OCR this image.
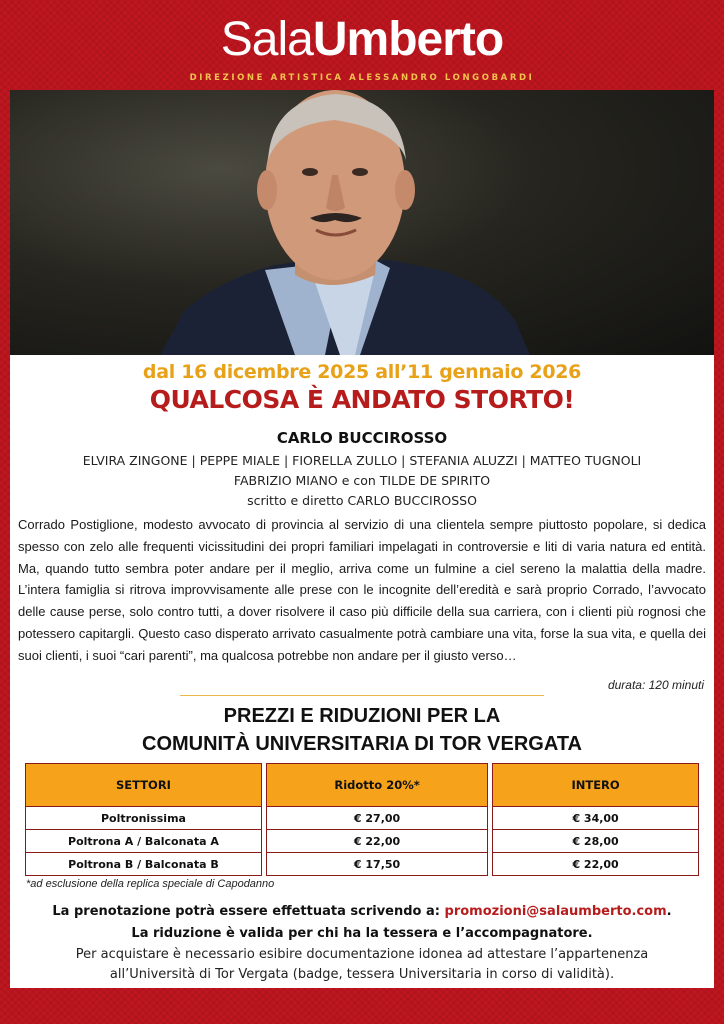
SalaUmberto
DIREZIONE ARTISTICA ALESSANDRO LONGOBARDI
dal 16 dicembre 2025 all’11 gennaio 2026
QUALCOSA È ANDATO STORTO!
CARLO BUCCIROSSO
ELVIRA ZINGONE | PEPPE MIALE | FIORELLA ZULLO | STEFANIA ALUZZI | MATTEO TUGNOLI
FABRIZIO MIANO e con TILDE DE SPIRITO
scritto e diretto CARLO BUCCIROSSO
Corrado Postiglione, modesto avvocato di provincia al servizio di una clientela sempre piuttosto popolare, si dedica spesso con zelo alle frequenti vicissitudini dei propri familiari impelagati in controversie e liti di varia natura ed entità. Ma, quando tutto sembra poter andare per il meglio, arriva come un fulmine a ciel sereno la malattia della madre. L’intera famiglia si ritrova improvvisamente alle prese con le incognite dell’eredità e sarà proprio Corrado, l’avvocato delle cause perse, solo contro tutti, a dover risolvere il caso più difficile della sua carriera, con i clienti più rognosi che potessero capitargli. Questo caso disperato arrivato casualmente potrà cambiare una vita, forse la sua vita, e quella dei suoi clienti, i suoi “cari parenti”, ma qualcosa potrebbe non andare per il giusto verso…
durata: 120 minuti
PREZZI E RIDUZIONI PER LA
COMUNITÀ UNIVERSITARIA DI TOR VERGATA
SETTORI		Ridotto 20%*		INTERO
Poltronissima		€ 27,00		€ 34,00
Poltrona A / Balconata A		€ 22,00		€ 28,00
Poltrona B / Balconata B		€ 17,50		€ 22,00
*ad esclusione della replica speciale di Capodanno
La prenotazione potrà essere effettuata scrivendo a: promozioni@salaumberto.com.
La riduzione è valida per chi ha la tessera e l’accompagnatore.
Per acquistare è necessario esibire documentazione idonea ad attestare l’appartenenza
all’Università di Tor Vergata (badge, tessera Universitaria in corso di validità).
